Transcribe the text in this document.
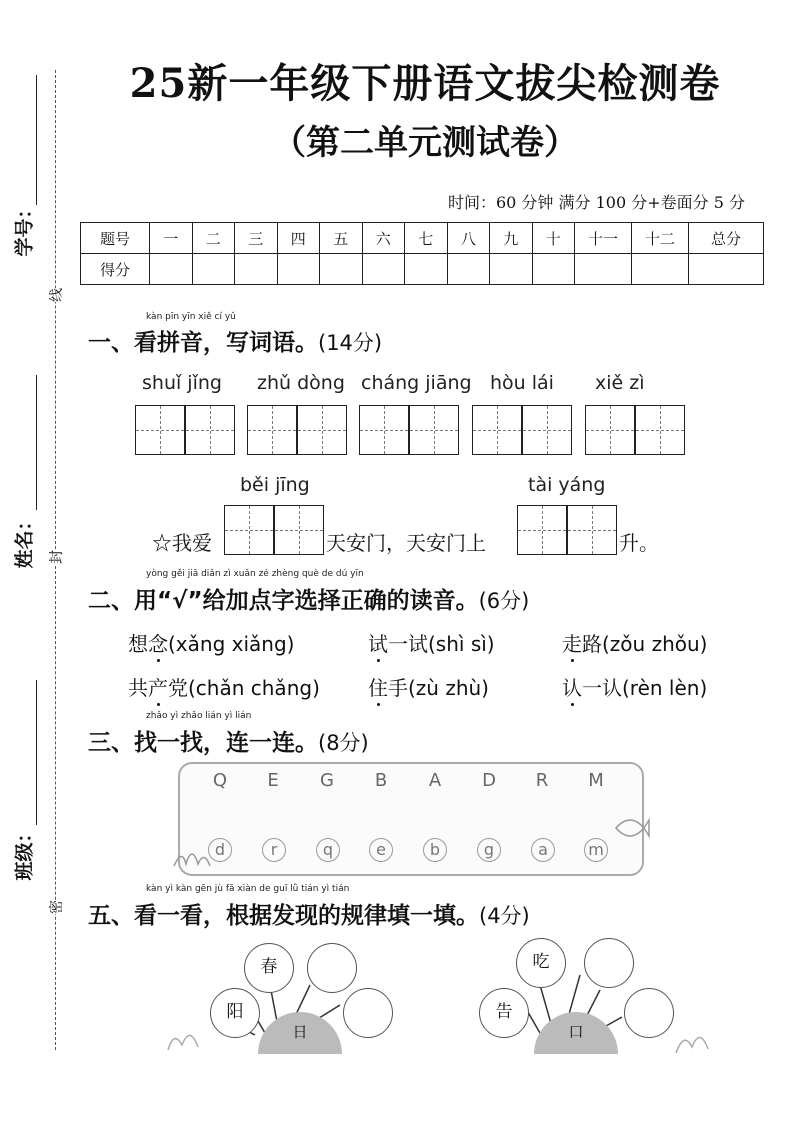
学号：
线
姓名： 封
班级：
密
25新一年级下册语文拔尖检测卷
（第二单元测试卷）
时间：60 分钟 满分 100 分+卷面分 5 分
题号	一	二	三	四	五	六	七	八	九	十	十一	十二	总分
得分													
kàn pīn yīn xiě cí yǔ
一、看拼音，写词语。(14分)
shuǐ jǐng zhǔ dòng cháng jiāng hòu lái xiě zì
běi jīng	tài yáng
☆我爱	天安门，天安门上	升。
yòng gěi jiā diǎn zì xuǎn zé zhèng què de dú yīn
二、用“√”给加点字选择正确的读音。(6分)
想念(xǎng xiǎng)	试一试(shì sì)	走路(zǒu zhǒu)
共产党(chǎn chǎng) 住手(zù zhù)	认一认(rèn lèn)
zhǎo yì zhǎo lián yì lián
三、找一找，连一连。(8分)
Q	E	G	B	A	D	R	M
d	r	q	e	b	g	a	m
kàn yì kàn gēn jù fā xiàn de guī lǜ tián yì tián
五、看一看，根据发现的规律填一填。(4分)
春
阳
日
吃
告
口
